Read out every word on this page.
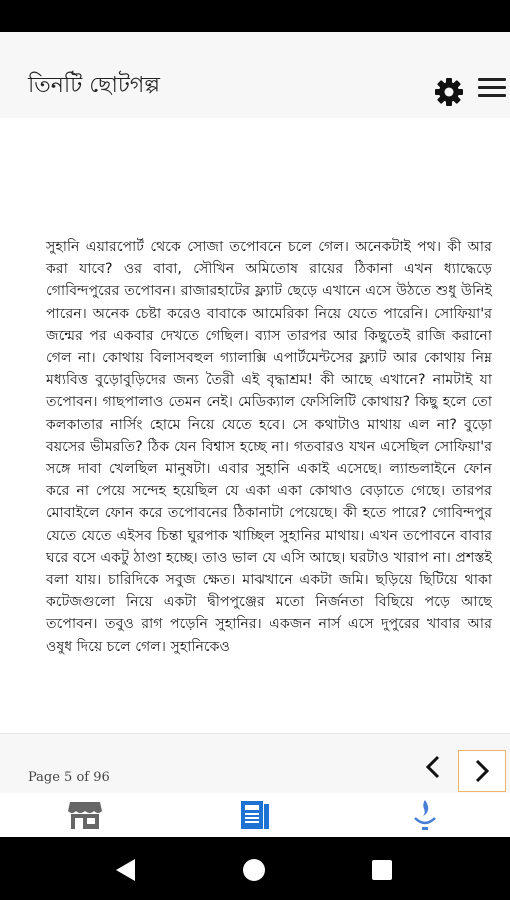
তিনটি ছোটগল্প

সুহানি এয়ারপোর্ট থেকে সোজা তপোবনে চলে গেল। অনেকটাই পথ। কী আর করা যাবে? ওর বাবা, সৌখিন অমিতোষ রায়ের ঠিকানা এখন ধ্যাদ্ধেড়ে গোবিন্দপুরের তপোবন। রাজারহাটের ফ্ল্যাট ছেড়ে এখানে এসে উঠতে শুধু উনিই পারেন। অনেক চেষ্টা করেও বাবাকে আমেরিকা নিয়ে যেতে পারেনি। সোফিয়া'র জন্মের পর একবার দেখতে গেছিল। ব্যাস তারপর আর কিছুতেই রাজি করানো গেল না। কোথায় বিলাসবহুল গ্যালাক্সি এপার্টমেন্টসের ফ্ল্যাট আর কোথায় নিম্ন মধ্যবিত্ত বুড়োবুড়িদের জন্য তৈরী এই বৃদ্ধাশ্রম! কী আছে এখানে? নামটাই যা তপোবন। গাছপালাও তেমন নেই। মেডিক্যাল ফেসিলিটি কোথায়? কিছু হলে তো কলকাতার নার্সিং হোমে নিয়ে যেতে হবে। সে কথাটাও মাথায় এল না? বুড়ো বয়সের ভীমরতি? ঠিক যেন বিশ্বাস হচ্ছে না। গতবারও যখন এসেছিল সোফিয়া'র সঙ্গে দাবা খেলছিল মানুষটা। এবার সুহানি একাই এসেছে। ল্যান্ডলাইনে ফোন করে না পেয়ে সন্দেহ হয়েছিল যে একা একা কোথাও বেড়াতে গেছে। তারপর মোবাইলে ফোন করে তপোবনের ঠিকানাটা পেয়েছে। কী হতে পারে? গোবিন্দপুর যেতে যেতে এইসব চিন্তা ঘুরপাক খাচ্ছিল সুহানির মাথায়। এখন তপোবনে বাবার ঘরে বসে একটু ঠাণ্ডা হচ্ছে। তাও ভাল যে এসি আছে। ঘরটাও খারাপ না। প্রশস্তই বলা যায়। চারিদিকে সবুজ ক্ষেত। মাঝখানে একটা জমি। ছড়িয়ে ছিটিয়ে থাকা কটেজগুলো নিয়ে একটা দ্বীপপুঞ্জের মতো নির্জনতা বিছিয়ে পড়ে আছে তপোবন। তবুও রাগ পড়েনি সুহানির। একজন নার্স এসে দুপুরের খাবার আর ওষুধ দিয়ে চলে গেল। সুহানিকেও

Page 5 of 96
